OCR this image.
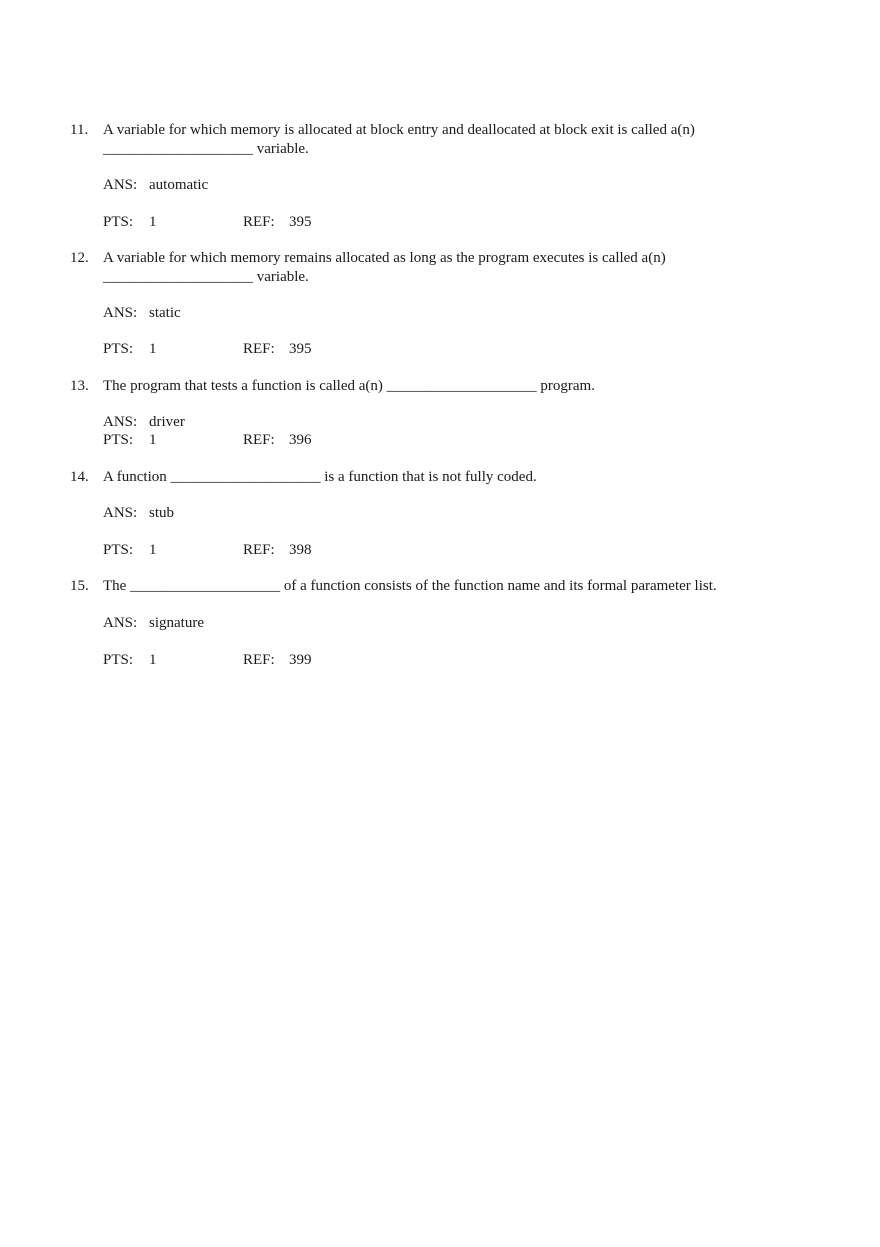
11. A variable for which memory is allocated at block entry and deallocated at block exit is called a(n)
____________________ variable.
ANS: automatic
PTS: 1	REF: 395
12. A variable for which memory remains allocated as long as the program executes is called a(n)
____________________ variable.
ANS: static
PTS: 1	REF: 395
13. The program that tests a function is called a(n) ____________________ program.
ANS: driver
PTS: 1	REF: 396
14. A function ____________________ is a function that is not fully coded.
ANS: stub
PTS: 1	REF: 398
15. The ____________________ of a function consists of the function name and its formal parameter list.
ANS: signature
PTS: 1	REF: 399
